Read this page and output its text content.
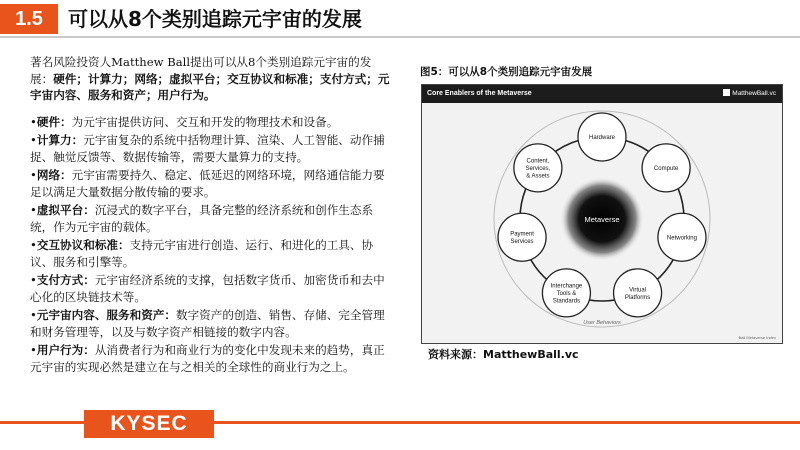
1.5	可以从8个类别追踪元宇宙的发展

著名风险投资人Matthew Ball提出可以从8个类别追踪元宇宙的发展：硬件；计算力；网络；虚拟平台；交互协议和标准；支付方式；元宇宙内容、服务和资产；用户行为。

•硬件：为元宇宙提供访问、交互和开发的物理技术和设备。
•计算力：元宇宙复杂的系统中括物理计算、渲染、人工智能、动作捕捉、触觉反馈等、数据传输等，需要大量算力的支持。
•网络：元宇宙需要持久、稳定、低延迟的网络环境，网络通信能力要足以满足大量数据分散传输的要求。
•虚拟平台：沉浸式的数字平台，具备完整的经济系统和创作生态系统，作为元宇宙的载体。
•交互协议和标准：支持元宇宙进行创造、运行、和进化的工具、协议、服务和引擎等。
•支付方式：元宇宙经济系统的支撑，包括数字货币、加密货币和去中心化的区块链技术等。
•元宇宙内容、服务和资产：数字资产的创造、销售、存储、完全管理和财务管理等，以及与数字资产相链接的数字内容。
•用户行为：从消费者行为和商业行为的变化中发现未来的趋势，真正元宇宙的实现必然是建立在与之相关的全球性的商业行为之上。
图5：可以从8个类别追踪元宇宙发展
Core Enablers of the Metaverse	MatthewBall.vc
Metaverse
Hardware
Compute
Networking
Virtual
Platforms
Interchange
Tools &
Standards
Payment
Services
Content,
Services,
& Assets
User Behaviors
Ball Metaverse Index
资料来源：MatthewBall.vc
KYSEC
